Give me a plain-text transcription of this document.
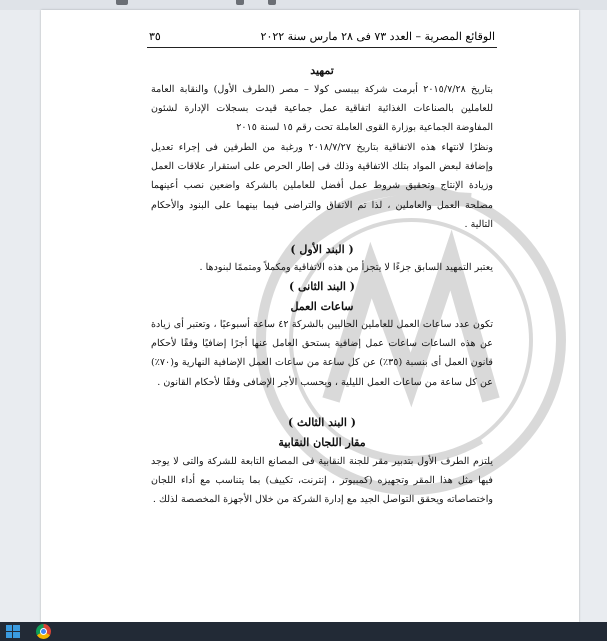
الوقائع المصرية – العدد ٧٣ فى ٢٨ مارس سنة ٢٠٢٢
٣٥
تمهيد

بتاريخ ٢٠١٥/٧/٢٨ أبرمت شركة بيبسى كولا – مصر (الطرف الأول) والنقابة العامة للعاملين بالصناعات الغذائية اتفاقية عمل جماعية قيدت بسجلات الإدارة لشئون المفاوضة الجماعية بوزارة القوى العاملة تحت رقم ١٥ لسنة ٢٠١٥

ونظرًا لانتهاء هذه الاتفاقية بتاريخ ٢٠١٨/٧/٢٧ ورغبة من الطرفين فى إجراء تعديل وإضافة لبعض المواد بتلك الاتفاقية وذلك فى إطار الحرص على استقرار علاقات العمل وزيادة الإنتاج وتحقيق شروط عمل أفضل للعاملين بالشركة واضعين نصب أعينهما مصلحة العمل والعاملين ، لذا تم الاتفاق والتراضى فيما بينهما على البنود والأحكام التالية .

( البند الأول )

يعتبر التمهيد السابق جزءًا لا يتجزأ من هذه الاتفاقية ومكملاً ومتممًا لبنودها .

( البند الثانى )
ساعات العمل

تكون عدد ساعات العمل للعاملين الحاليين بالشركة ٤٢ ساعة أسبوعيًا ، وتعتبر أى زيادة عن هذه الساعات ساعات عمل إضافية يستحق العامل عنها أجرًا إضافيًا وفقًا لأحكام قانون العمل أى بنسبة (٣٥٪) عن كل ساعة من ساعات العمل الإضافية النهارية و(٧٠٪) عن كل ساعة من ساعات العمل الليلية ، ويحسب الأجر الإضافى وفقًا لأحكام القانون .

( البند الثالث )
مقار اللجان النقابية

يلتزم الطرف الأول بتدبير مقر للجنة النقابية فى المصانع التابعة للشركة والتى لا يوجد فيها مثل هذا المقر وتجهيزه (كمبيوتر ، إنترنت، تكييف) بما يتناسب مع أداء اللجان واختصاصاته ويحقق التواصل الجيد مع إدارة الشركة من خلال الأجهزة المخصصة لذلك .
